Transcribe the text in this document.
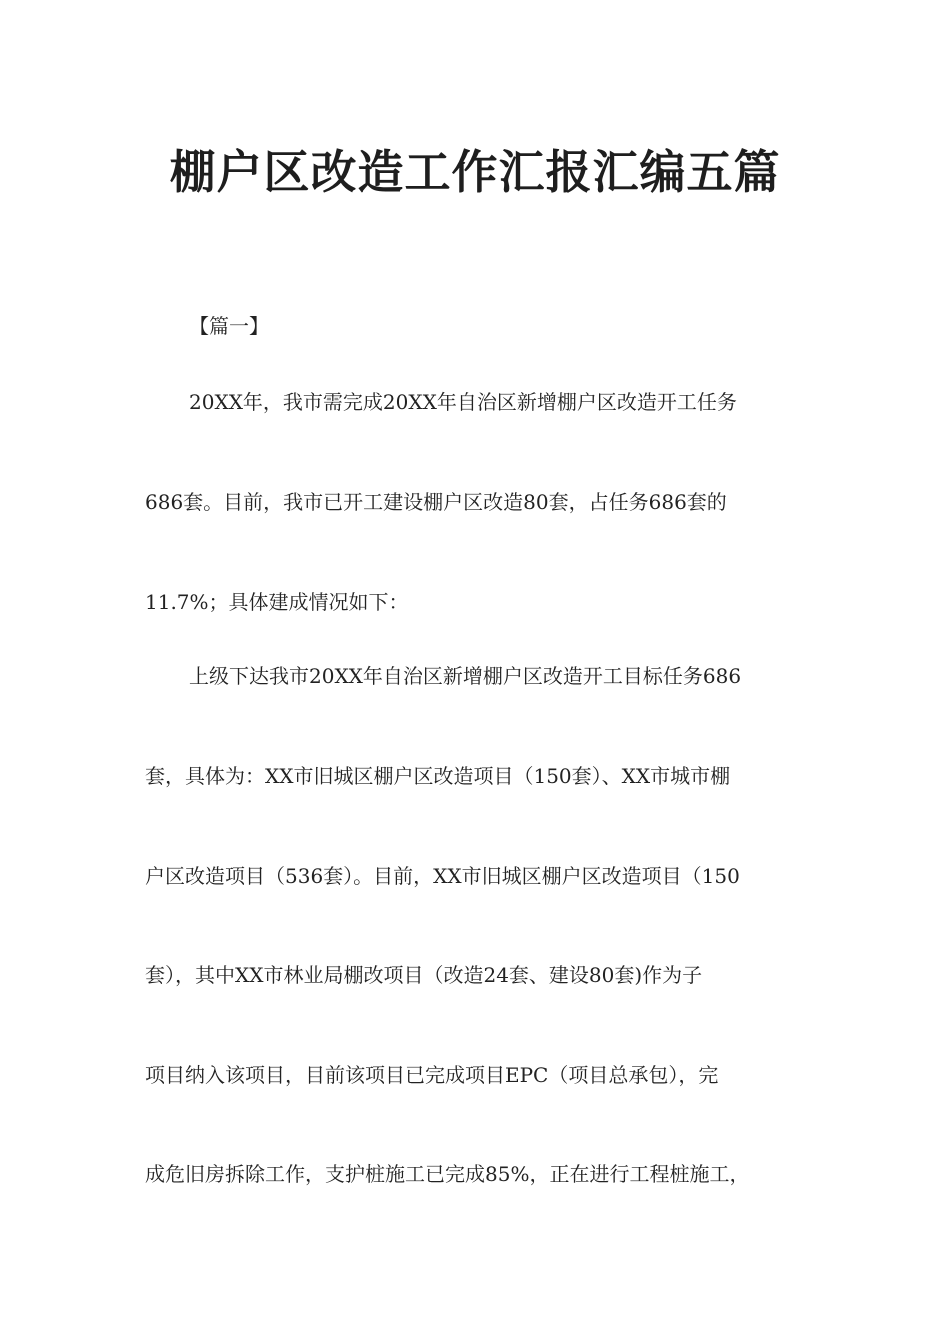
棚户区改造工作汇报汇编五篇
【篇一】
20XX年，我市需完成20XX年自治区新增棚户区改造开工任务
686套。目前，我市已开工建设棚户区改造80套，占任务686套的
11.7%；具体建成情况如下：
上级下达我市20XX年自治区新增棚户区改造开工目标任务686
套，具体为：XX市旧城区棚户区改造项目（150套）、XX市城市棚
户区改造项目（536套）。目前，XX市旧城区棚户区改造项目（150
套），其中XX市林业局棚改项目（改造24套、建设80套)作为子
项目纳入该项目，目前该项目已完成项目EPC（项目总承包），完
成危旧房拆除工作，支护桩施工已完成85%，正在进行工程桩施工，
